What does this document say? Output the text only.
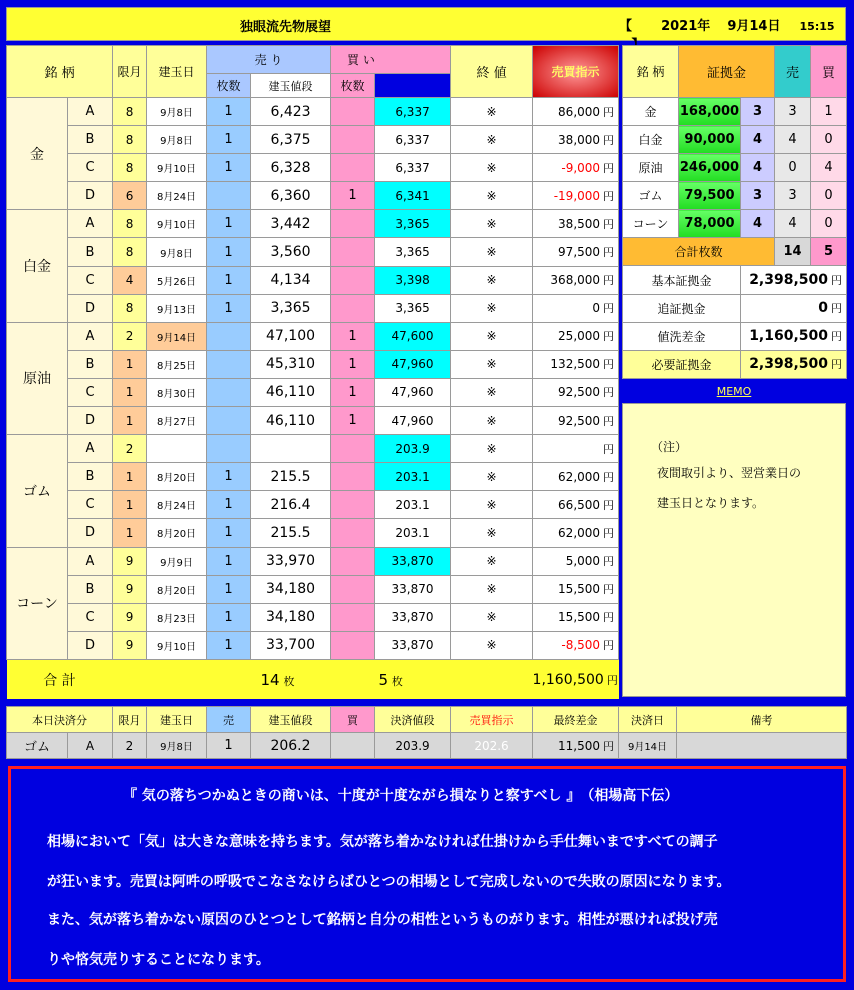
独眼流先物展望	【 2021年 9月14日 15:15
銘 柄		限月	建玉日	売 り		買 い		終 値	売買指示	
				枚数	建玉値段	枚数				
金	A	8	9月8日	1	6,423		6,337	※	86,000 円	
	B	8	9月8日	1	6,375		6,337	※	38,000 円	
	C	8	9月10日	1	6,328		6,337	※	-9,000 円	
	D	6	8月24日		6,360	1	6,341	※	-19,000 円	
白金	A	8	9月10日	1	3,442		3,365	※	38,500 円	
	B	8	9月8日	1	3,560		3,365	※	97,500 円	
	C	4	5月26日	1	4,134		3,398	※	368,000 円	
	D	8	9月13日	1	3,365		3,365	※	0 円	
原油	A	2	9月14日		47,100	1	47,600	※	25,000 円	
	B	1	8月25日		45,310	1	47,960	※	132,500 円	
	C	1	8月30日		46,110	1	47,960	※	92,500 円	
	D	1	8月27日		46,110	1	47,960	※	92,500 円	
ゴム	A	2					203.9	※	円	
	B	1	8月20日	1	215.5		203.1	※	62,000 円	
	C	1	8月24日	1	216.4		203.1	※	66,500 円	
	D	1	8月20日	1	215.5		203.1	※	62,000 円	
コーン	A	9	9月9日	1	33,970		33,870	※	5,000 円	
	B	9	8月20日	1	34,180		33,870	※	15,500 円	
	C	9	8月23日	1	34,180		33,870	※	15,500 円	
	D	9	9月10日	1	33,700		33,870	※	-8,500 円	
合 計					14 枚		5 枚		1,160,500 円	
銘 柄	証拠金		売	買
金	168,000	3	3	1
白金	90,000	4	4	0
原油	246,000	4	0	4
ゴム	79,500	3	3	0
コーン	78,000	4	4	0
合計枚数			14	5
基本証拠金		2,398,500 円		
追証拠金		0 円		
値洗差金		1,160,500 円		
必要証拠金		2,398,500 円		
MEMO
（注）
夜間取引より、翌営業日の
建玉日となります。
本日決済分		限月	建玉日	売	建玉値段	買	決済値段	売買指示	最終差金	決済日	備考
ゴム	A	2	9月8日	1	206.2		203.9	202.6	11,500 円	9月14日	
『 気の落ちつかぬときの商いは、十度が十度ながら損なりと察すべし 』　（相場高下伝）
相場において「気」は大きな意味を持ちます。気が落ち着かなければ仕掛けから手仕舞いまですべての調子
が狂います。売買は阿吽の呼吸でこなさなけらばひとつの相場として完成しないので失敗の原因になります。
また、気が落ち着かない原因のひとつとして銘柄と自分の相性というものがります。相性が悪ければ投げ売
りや悋気売りすることになります。
